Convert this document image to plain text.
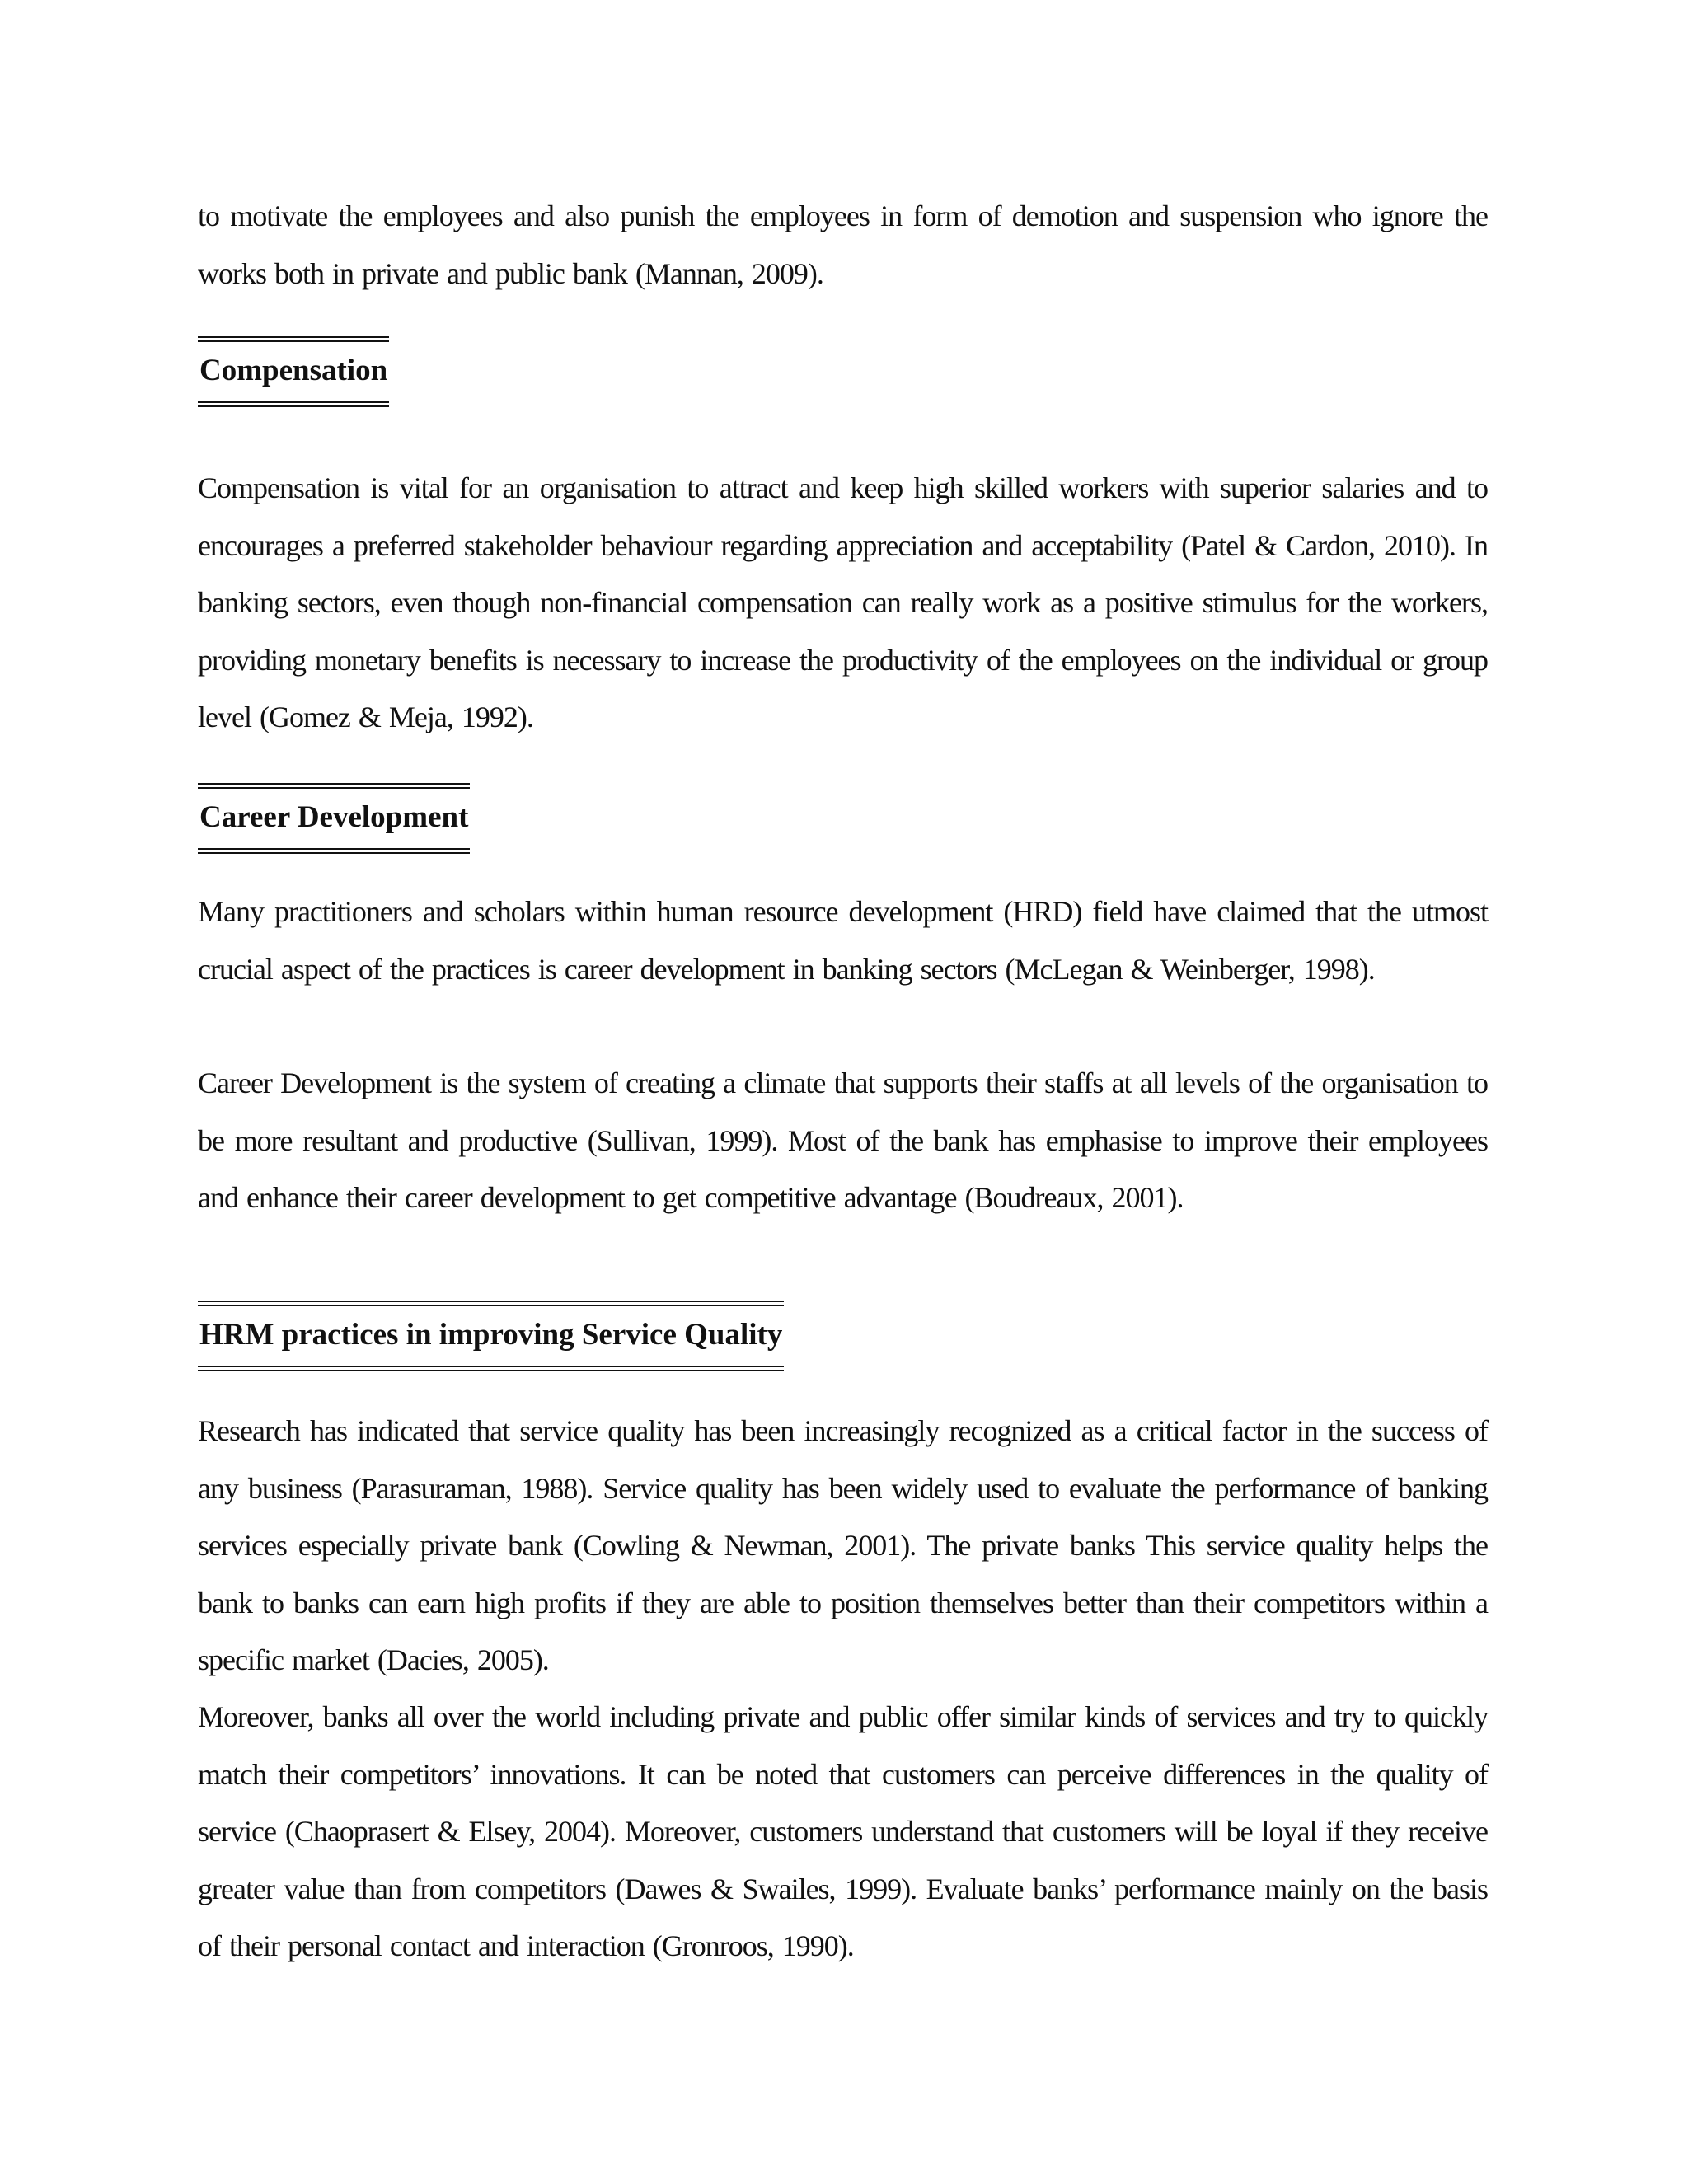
to motivate the employees and also punish the employees in form of demotion and suspension who ignore the works both in private and public bank (Mannan, 2009).

Compensation

Compensation is vital for an organisation to attract and keep high skilled workers with superior salaries and to encourages a preferred stakeholder behaviour regarding appreciation and acceptability (Patel & Cardon, 2010). In banking sectors, even though non-financial compensation can really work as a positive stimulus for the workers, providing monetary benefits is necessary to increase the productivity of the employees on the individual or group level (Gomez & Meja, 1992).

Career Development

Many practitioners and scholars within human resource development (HRD) field have claimed that the utmost crucial aspect of the practices is career development in banking sectors (McLegan & Weinberger, 1998).

Career Development is the system of creating a climate that supports their staffs at all levels of the organisation to be more resultant and productive (Sullivan, 1999). Most of the bank has emphasise to improve their employees and enhance their career development to get competitive advantage (Boudreaux, 2001).

HRM practices in improving Service Quality

Research has indicated that service quality has been increasingly recognized as a critical factor in the success of any business (Parasuraman, 1988). Service quality has been widely used to evaluate the performance of banking services especially private bank (Cowling & Newman, 2001). The private banks This service quality helps the bank to banks can earn high profits if they are able to position themselves better than their competitors within a specific market (Dacies, 2005).

Moreover, banks all over the world including private and public offer similar kinds of services and try to quickly match their competitors’ innovations. It can be noted that customers can perceive differences in the quality of service (Chaoprasert & Elsey, 2004). Moreover, customers understand that customers will be loyal if they receive greater value than from competitors (Dawes & Swailes, 1999). Evaluate banks’ performance mainly on the basis of their personal contact and interaction (Gronroos, 1990).
